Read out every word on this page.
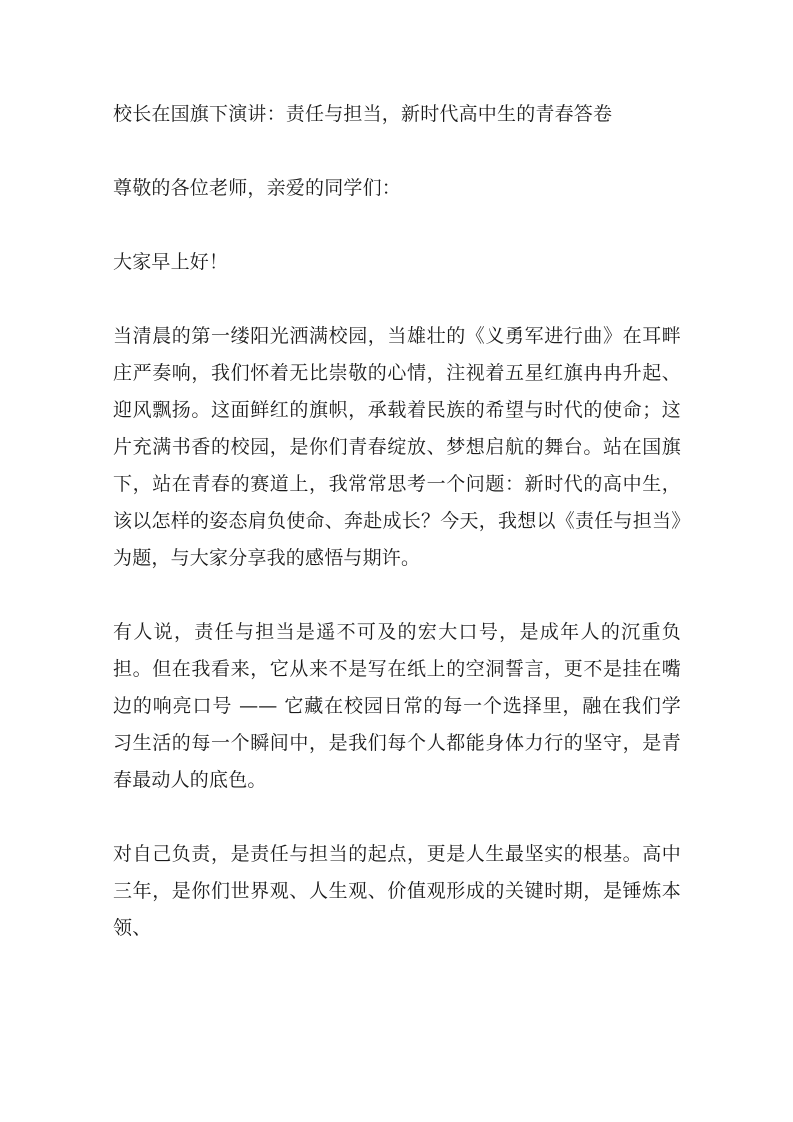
校长在国旗下演讲：责任与担当，新时代高中生的青春答卷

尊敬的各位老师，亲爱的同学们：

大家早上好！

当清晨的第一缕阳光洒满校园，当雄壮的《义勇军进行曲》在耳畔庄严奏响，我们怀着无比崇敬的心情，注视着五星红旗冉冉升起、迎风飘扬。这面鲜红的旗帜，承载着民族的希望与时代的使命；这片充满书香的校园，是你们青春绽放、梦想启航的舞台。站在国旗下，站在青春的赛道上，我常常思考一个问题：新时代的高中生，该以怎样的姿态肩负使命、奔赴成长？今天，我想以《责任与担当》为题，与大家分享我的感悟与期许。

有人说，责任与担当是遥不可及的宏大口号，是成年人的沉重负担。但在我看来，它从来不是写在纸上的空洞誓言，更不是挂在嘴边的响亮口号 —— 它藏在校园日常的每一个选择里，融在我们学习生活的每一个瞬间中，是我们每个人都能身体力行的坚守，是青春最动人的底色。

对自己负责，是责任与担当的起点，更是人生最坚实的根基。高中三年，是你们世界观、人生观、价值观形成的关键时期，是锤炼本领、
